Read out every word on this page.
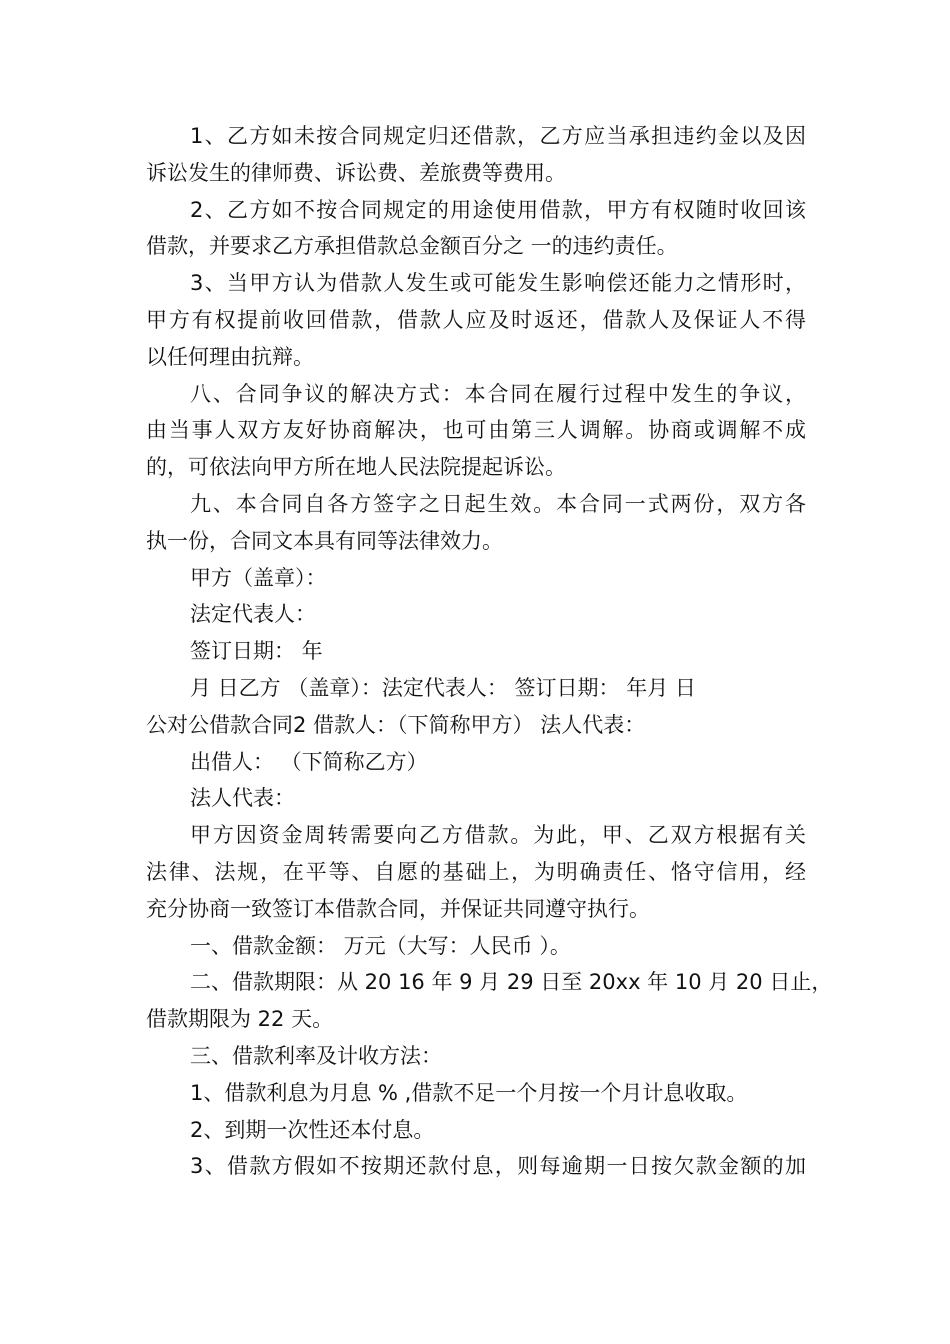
1、乙方如未按合同规定归还借款，乙方应当承担违约金以及因
诉讼发生的律师费、诉讼费、差旅费等费用。
2、乙方如不按合同规定的用途使用借款，甲方有权随时收回该
借款，并要求乙方承担借款总金额百分之 一的违约责任。
3、当甲方认为借款人发生或可能发生影响偿还能力之情形时，
甲方有权提前收回借款，借款人应及时返还，借款人及保证人不得
以任何理由抗辩。
八、合同争议的解决方式：本合同在履行过程中发生的争议，
由当事人双方友好协商解决，也可由第三人调解。协商或调解不成
的，可依法向甲方所在地人民法院提起诉讼。
九、本合同自各方签字之日起生效。本合同一式两份，双方各
执一份，合同文本具有同等法律效力。
甲方（盖章）：
法定代表人：
签订日期： 年
月 日乙方 （盖章）：法定代表人： 签订日期： 年月 日
公对公借款合同2 借款人：（下简称甲方） 法人代表：
出借人： （下简称乙方）
法人代表：
甲方因资金周转需要向乙方借款。为此，甲、乙双方根据有关
法律、法规，在平等、自愿的基础上，为明确责任、恪守信用，经
充分协商一致签订本借款合同，并保证共同遵守执行。
一、借款金额： 万元（大写：人民币 ）。
二、借款期限：从 20 16 年 9 月 29 日至 20xx 年 10 月 20 日止，
借款期限为 22 天。
三、借款利率及计收方法：
1、借款利息为月息 % ,借款不足一个月按一个月计息收取。
2、到期一次性还本付息。
3、借款方假如不按期还款付息，则每逾期一日按欠款金额的加
